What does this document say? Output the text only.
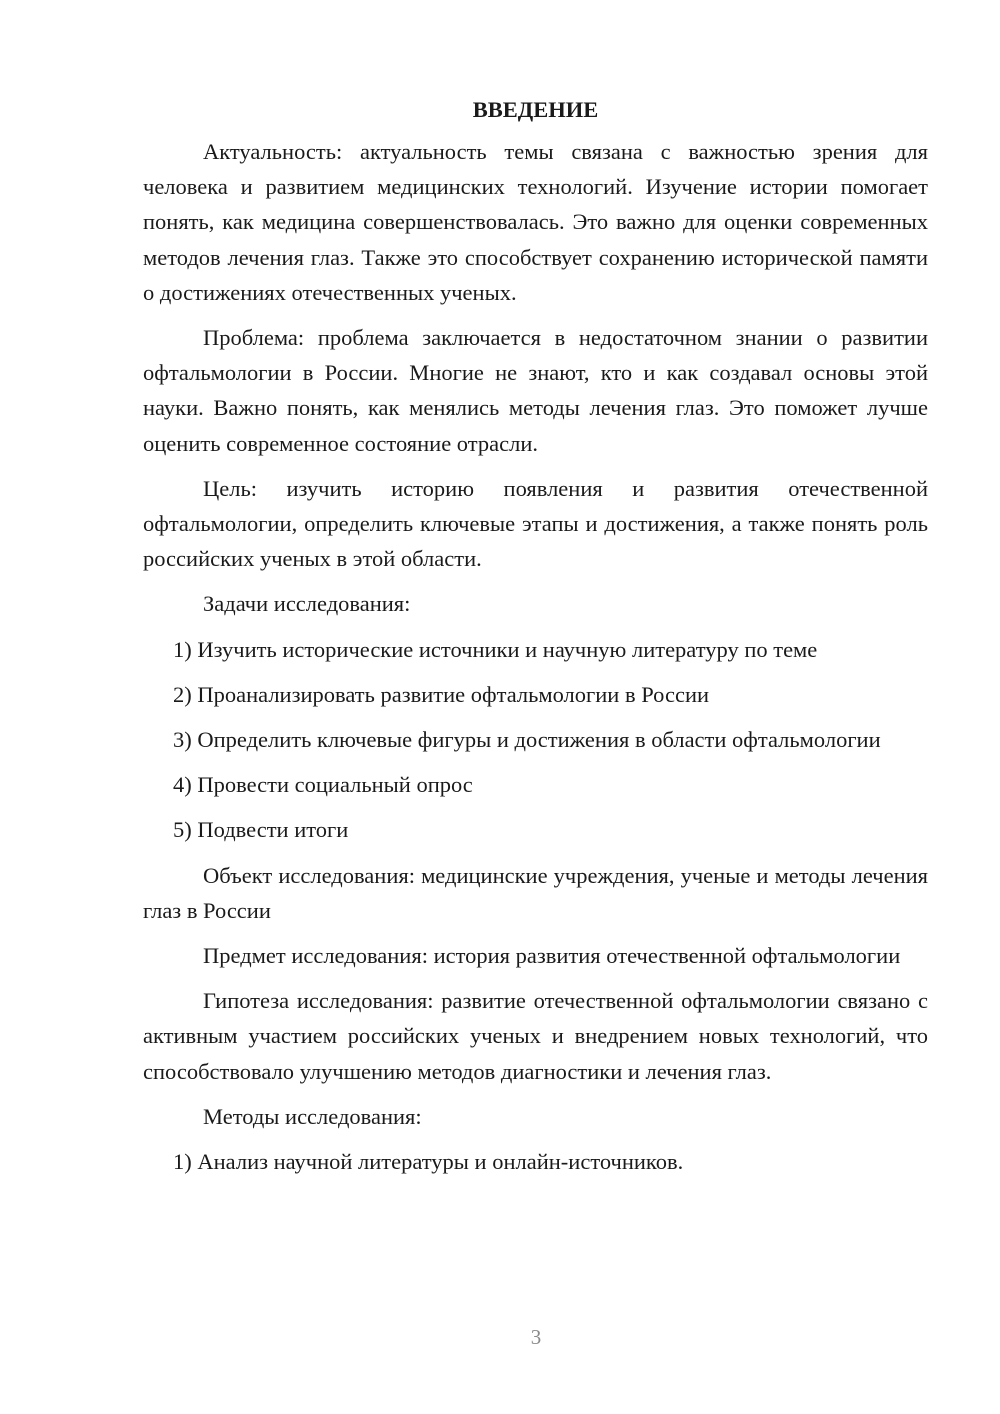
ВВЕДЕНИЕ

Актуальность: актуальность темы связана с важностью зрения для человека и развитием медицинских технологий. Изучение истории помогает понять, как медицина совершенствовалась. Это важно для оценки современных методов лечения глаз. Также это способствует сохранению исторической памяти о достижениях отечественных ученых.

Проблема: проблема заключается в недостаточном знании о развитии офтальмологии в России. Многие не знают, кто и как создавал основы этой науки. Важно понять, как менялись методы лечения глаз. Это поможет лучше оценить современное состояние отрасли.

Цель: изучить историю появления и развития отечественной офтальмологии, определить ключевые этапы и достижения, а также понять роль российских ученых в этой области.

Задачи исследования:

1) Изучить исторические источники и научную литературу по теме

2) Проанализировать развитие офтальмологии в России

3) Определить ключевые фигуры и достижения в области офтальмологии

4) Провести социальный опрос

5) Подвести итоги

Объект исследования: медицинские учреждения, ученые и методы лечения глаз в России

Предмет исследования: история развития отечественной офтальмологии

Гипотеза исследования: развитие отечественной офтальмологии связано с активным участием российских ученых и внедрением новых технологий, что способствовало улучшению методов диагностики и лечения глаз.

Методы исследования:

1) Анализ научной литературы и онлайн-источников.

3
